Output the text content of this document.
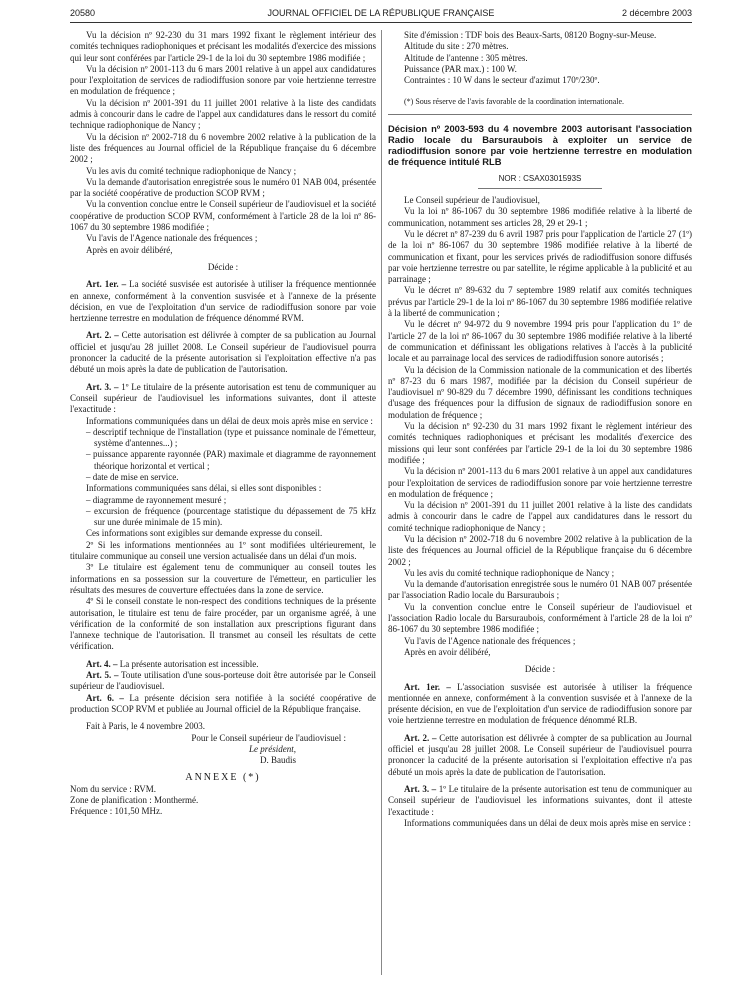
20580	JOURNAL OFFICIEL DE LA RÉPUBLIQUE FRANÇAISE	2 décembre 2003

Vu la décision nº 92-230 du 31 mars 1992 fixant le règlement intérieur des comités techniques radiophoniques et précisant les modalités d'exercice des missions qui leur sont conférées par l'article 29-1 de la loi du 30 septembre 1986 modifiée ;

Vu la décision nº 2001-113 du 6 mars 2001 relative à un appel aux candidatures pour l'exploitation de services de radiodiffusion sonore par voie hertzienne terrestre en modulation de fréquence ;

Vu la décision nº 2001-391 du 11 juillet 2001 relative à la liste des candidats admis à concourir dans le cadre de l'appel aux candidatures dans le ressort du comité technique radiophonique de Nancy ;

Vu la décision nº 2002-718 du 6 novembre 2002 relative à la publication de la liste des fréquences au Journal officiel de la République française du 6 décembre 2002 ;

Vu les avis du comité technique radiophonique de Nancy ;

Vu la demande d'autorisation enregistrée sous le numéro 01 NAB 004, présentée par la société coopérative de production SCOP RVM ;

Vu la convention conclue entre le Conseil supérieur de l'audiovisuel et la société coopérative de production SCOP RVM, conformément à l'article 28 de la loi nº 86-1067 du 30 septembre 1986 modifiée ;

Vu l'avis de l'Agence nationale des fréquences ;

Après en avoir délibéré,

Décide :

Art. 1er. – La société susvisée est autorisée à utiliser la fréquence mentionnée en annexe, conformément à la convention susvisée et à l'annexe de la présente décision, en vue de l'exploitation d'un service de radiodiffusion sonore par voie hertzienne terrestre en modulation de fréquence dénommé RVM.

Art. 2. – Cette autorisation est délivrée à compter de sa publication au Journal officiel et jusqu'au 28 juillet 2008. Le Conseil supérieur de l'audiovisuel pourra prononcer la caducité de la présente autorisation si l'exploitation effective n'a pas débuté un mois après la date de publication de l'autorisation.

Art. 3. – 1º Le titulaire de la présente autorisation est tenu de communiquer au Conseil supérieur de l'audiovisuel les informations suivantes, dont il atteste l'exactitude :

Informations communiquées dans un délai de deux mois après mise en service :

– descriptif technique de l'installation (type et puissance nominale de l'émetteur, système d'antennes...) ;

– puissance apparente rayonnée (PAR) maximale et diagramme de rayonnement théorique horizontal et vertical ;

– date de mise en service.

Informations communiquées sans délai, si elles sont disponibles :

– diagramme de rayonnement mesuré ;

– excursion de fréquence (pourcentage statistique du dépassement de 75 kHz sur une durée minimale de 15 min).

Ces informations sont exigibles sur demande expresse du conseil.

2º Si les informations mentionnées au 1º sont modifiées ultérieurement, le titulaire communique au conseil une version actualisée dans un délai d'un mois.

3º Le titulaire est également tenu de communiquer au conseil toutes les informations en sa possession sur la couverture de l'émetteur, en particulier les résultats des mesures de couverture effectuées dans la zone de service.

4º Si le conseil constate le non-respect des conditions techniques de la présente autorisation, le titulaire est tenu de faire procéder, par un organisme agréé, à une vérification de la conformité de son installation aux prescriptions figurant dans l'annexe technique de l'autorisation. Il transmet au conseil les résultats de cette vérification.

Art. 4. – La présente autorisation est incessible.

Art. 5. – Toute utilisation d'une sous-porteuse doit être autorisée par le Conseil supérieur de l'audiovisuel.

Art. 6. – La présente décision sera notifiée à la société coopérative de production SCOP RVM et publiée au Journal officiel de la République française.

Fait à Paris, le 4 novembre 2003.

Pour le Conseil supérieur de l'audiovisuel :

Le président,

D. Baudis

ANNEXE (*)

Nom du service : RVM.

Zone de planification : Monthermé.

Fréquence : 101,50 MHz.

Site d'émission : TDF bois des Beaux-Sarts, 08120 Bogny-sur-Meuse.

Altitude du site : 270 mètres.

Altitude de l'antenne : 305 mètres.

Puissance (PAR max.) : 100 W.

Contraintes : 10 W dans le secteur d'azimut 170º/230º.

(*) Sous réserve de l'avis favorable de la coordination internationale.

Décision nº 2003-593 du 4 novembre 2003 autorisant l'association Radio locale du Barsuraubois à exploiter un service de radiodiffusion sonore par voie hertzienne terrestre en modulation de fréquence intitulé RLB

NOR : CSAX0301593S

Le Conseil supérieur de l'audiovisuel,

Vu la loi nº 86-1067 du 30 septembre 1986 modifiée relative à la liberté de communication, notamment ses articles 28, 29 et 29-1 ;

Vu le décret nº 87-239 du 6 avril 1987 pris pour l'application de l'article 27 (1º) de la loi nº 86-1067 du 30 septembre 1986 modifiée relative à la liberté de communication et fixant, pour les services privés de radiodiffusion sonore diffusés par voie hertzienne terrestre ou par satellite, le régime applicable à la publicité et au parrainage ;

Vu le décret nº 89-632 du 7 septembre 1989 relatif aux comités techniques prévus par l'article 29-1 de la loi nº 86-1067 du 30 septembre 1986 modifiée relative à la liberté de communication ;

Vu le décret nº 94-972 du 9 novembre 1994 pris pour l'application du 1º de l'article 27 de la loi nº 86-1067 du 30 septembre 1986 modifiée relative à la liberté de communication et définissant les obligations relatives à l'accès à la publicité locale et au parrainage local des services de radiodiffusion sonore autorisés ;

Vu la décision de la Commission nationale de la communication et des libertés nº 87-23 du 6 mars 1987, modifiée par la décision du Conseil supérieur de l'audiovisuel nº 90-829 du 7 décembre 1990, définissant les conditions techniques d'usage des fréquences pour la diffusion de signaux de radiodiffusion sonore en modulation de fréquence ;

Vu la décision nº 92-230 du 31 mars 1992 fixant le règlement intérieur des comités techniques radiophoniques et précisant les modalités d'exercice des missions qui leur sont conférées par l'article 29-1 de la loi du 30 septembre 1986 modifiée ;

Vu la décision nº 2001-113 du 6 mars 2001 relative à un appel aux candidatures pour l'exploitation de services de radiodiffusion sonore par voie hertzienne terrestre en modulation de fréquence ;

Vu la décision nº 2001-391 du 11 juillet 2001 relative à la liste des candidats admis à concourir dans le cadre de l'appel aux candidatures dans le ressort du comité technique radiophonique de Nancy ;

Vu la décision nº 2002-718 du 6 novembre 2002 relative à la publication de la liste des fréquences au Journal officiel de la République française du 6 décembre 2002 ;

Vu les avis du comité technique radiophonique de Nancy ;

Vu la demande d'autorisation enregistrée sous le numéro 01 NAB 007 présentée par l'association Radio locale du Barsuraubois ;

Vu la convention conclue entre le Conseil supérieur de l'audiovisuel et l'association Radio locale du Barsuraubois, conformément à l'article 28 de la loi nº 86-1067 du 30 septembre 1986 modifiée ;

Vu l'avis de l'Agence nationale des fréquences ;

Après en avoir délibéré,

Décide :

Art. 1er. – L'association susvisée est autorisée à utiliser la fréquence mentionnée en annexe, conformément à la convention susvisée et à l'annexe de la présente décision, en vue de l'exploitation d'un service de radiodiffusion sonore par voie hertzienne terrestre en modulation de fréquence dénommé RLB.

Art. 2. – Cette autorisation est délivrée à compter de sa publication au Journal officiel et jusqu'au 28 juillet 2008. Le Conseil supérieur de l'audiovisuel pourra prononcer la caducité de la présente autorisation si l'exploitation effective n'a pas débuté un mois après la date de publication de l'autorisation.

Art. 3. – 1º Le titulaire de la présente autorisation est tenu de communiquer au Conseil supérieur de l'audiovisuel les informations suivantes, dont il atteste l'exactitude :

Informations communiquées dans un délai de deux mois après mise en service :
